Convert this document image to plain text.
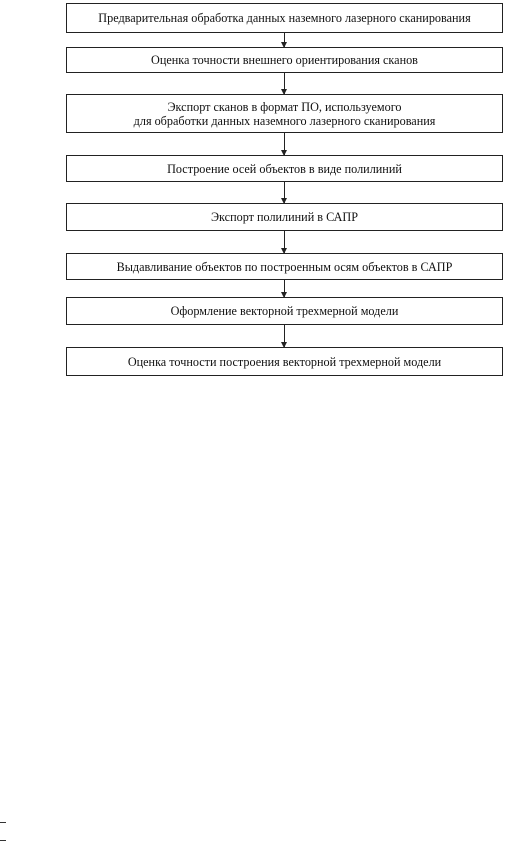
Предварительная обработка данных наземного лазерного сканирования
Оценка точности внешнего ориентирования сканов
Экспорт сканов в формат ПО, используемого
для обработки данных наземного лазерного сканирования
Построение осей объектов в виде полилиний
Экспорт полилиний в САПР
Выдавливание объектов по построенным осям объектов в САПР
Оформление векторной трехмерной модели
Оценка точности построения векторной трехмерной модели
